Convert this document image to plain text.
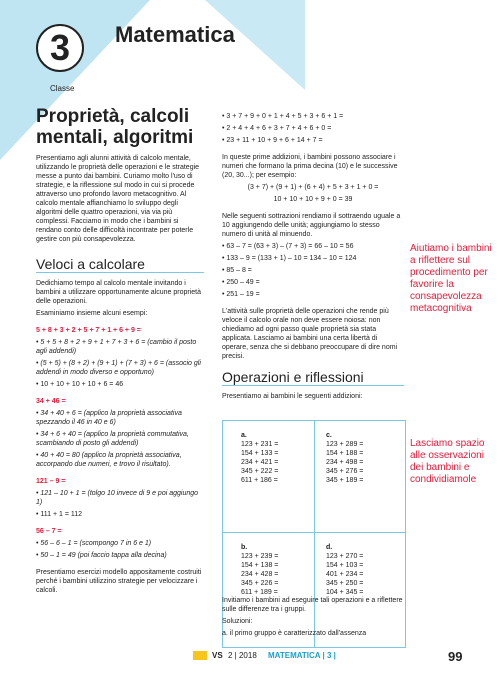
3
Classe
Matematica
Proprietà, calcoli mentali, algoritmi

Presentiamo agli alunni attività di calcolo mentale, utilizzando le proprietà delle operazioni e le strategie messe a punto dai bambini. Curiamo molto l'uso di strategie, e la riflessione sul modo in cui si procede attraverso uno profondo lavoro metacognitivo. Al calcolo mentale affianchiamo lo sviluppo degli algoritmi delle quattro operazioni, via via più complessi. Facciamo in modo che i bambini si rendano conto delle difficoltà incontrate per poterle gestire con più consapevolezza.

Veloci a calcolare

Dedichiamo tempo al calcolo mentale invitando i bambini a utilizzare opportunamente alcune proprietà delle operazioni.

Esaminiamo insieme alcuni esempi:

5 + 8 + 3 + 2 + 5 + 7 + 1 + 6 + 9 =

• 5 + 5 + 8 + 2 + 9 + 1 + 7 + 3 + 6 = (cambio il posto agli addendi)

• (5 + 5) + (8 + 2) + (9 + 1) + (7 + 3) + 6 = (associo gli addendi in modo diverso e opportuno)

• 10 + 10 + 10 + 10 + 6 = 46

34 + 46 =

• 34 + 40 + 6 = (applico la proprietà associativa spezzando il 46 in 40 e 6)

• 34 + 6 + 40 = (applico la proprietà commutativa, scambiando di posto gli addendi)

• 40 + 40 = 80 (applico la proprietà associativa, accorpando due numeri, e trovo il risultato).

121 – 9 =

• 121 – 10 + 1 = (tolgo 10 invece di 9 e poi aggiungo 1)

• 111 + 1 = 112

56 – 7 =

• 56 – 6 – 1 = (scompongo 7 in 6 e 1)

• 50 – 1 = 49 (poi faccio tappa alla decina)

Presentiamo esercizi modello appositamente costruiti perché i bambini utilizzino strategie per velocizzare i calcoli.

• 3 + 7 + 9 + 0 + 1 + 4 + 5 + 3 + 6 + 1 =

• 2 + 4 + 4 + 6 + 3 + 7 + 4 + 6 + 0 =

• 23 + 11 + 10 + 9 + 6 + 14 + 7 =

In queste prime addizioni, i bambini possono associare i numeri che formano la prima decina (10) e le successive (20, 30...); per esempio:

(3 + 7) + (9 + 1) + (6 + 4) + 5 + 3 + 1 + 0 =

10 + 10 + 10 + 9 + 0 = 39

Nelle seguenti sottrazioni rendiamo il sottraendo uguale a 10 aggiungendo delle unità; aggiungiamo lo stesso numero di unità al minuendo.

• 63 – 7 = (63 + 3) – (7 + 3) = 66 – 10 = 56

• 133 – 9 = (133 + 1) – 10 = 134 – 10 = 124

• 85 – 8 =

• 250 – 49 =

• 251 – 19 =

L'attività sulle proprietà delle operazioni che rende più veloce il calcolo orale non deve essere noiosa: non chiediamo ad ogni passo quale proprietà sia stata applicata. Lasciamo ai bambini una certa libertà di operare, senza che si debbano preoccupare di dire nomi precisi.

Operazioni e riflessioni

Presentiamo ai bambini le seguenti addizioni:

a.
123 + 231 =
154 + 133 =
234 + 421 =
345 + 222 =
611 + 186 =
c.
123 + 289 =
154 + 188 =
234 + 498 =
345 + 276 =
345 + 189 =
b.
123 + 239 =
154 + 138 =
234 + 428 =
345 + 226 =
611 + 189 =
d.
123 + 270 =
154 + 103 =
401 + 234 =
345 + 250 =
104 + 345 =

Invitiamo i bambini ad eseguire tali operazioni e a riflettere sulle differenze tra i gruppi.

Soluzioni:

a. il primo gruppo è caratterizzato dall'assenza

Aiutiamo i bambini a riflettere sul procedimento per favorire la consapevolezza metacognitiva
Lasciamo spazio alle osservazioni dei bambini e condividiamole
VS 2 | 2018 MATEMATICA | 3 |	99
